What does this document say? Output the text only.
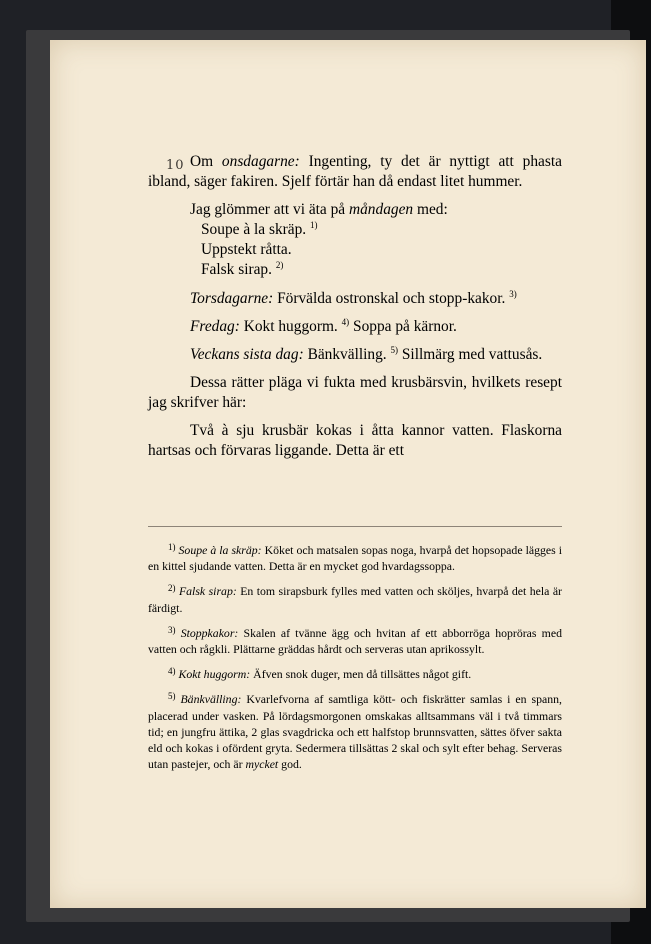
10 Om onsdagarne: Ingenting, ty det är nyttigt att phasta ibland, säger fakiren. Sjelf förtär han då endast litet hummer.

Jag glömmer att vi äta på måndagen med:

Soupe à la skräp. $^{1)}$

Uppstekt råtta.

Falsk sirap. $^{2)}$

Torsdagarne: Förvälda ostronskal och stopp-kakor. $^{3)}$

Fredag: Kokt huggorm. $^{4)}$ Soppa på kärnor.

Veckans sista dag: Bänkvälling. $^{5)}$ Sillmärg med vattusås.

Dessa rätter pläga vi fukta med krusbärsvin, hvilkets resept jag skrifver här:

Två à sju krusbär kokas i åtta kannor vatten. Flaskorna hartsas och förvaras liggande. Detta är ett

$^{1)}$ Soupe à la skräp: Köket och matsalen sopas noga, hvarpå det hopsopade lägges i en kittel sjudande vatten. Detta är en mycket god hvardagssoppa.

$^{2)}$ Falsk sirap: En tom sirapsburk fylles med vatten och sköljes, hvarpå det hela är färdigt.

$^{3)}$ Stoppkakor: Skalen af tvänne ägg och hvitan af ett abborröga hopröras med vatten och rågkli. Plättarne gräddas hårdt och serveras utan aprikossylt.

$^{4)}$ Kokt huggorm: Äfven snok duger, men då tillsättes något gift.

$^{5)}$ Bänkvälling: Kvarlefvorna af samtliga kött- och fiskrätter samlas i en spann, placerad under vasken. På lördagsmorgonen omskakas alltsammans väl i två timmars tid; en jungfru ättika, 2 glas svagdricka och ett halfstop brunnsvatten, sättes öfver sakta eld och kokas i ofördent gryta. Sedermera tillsättas 2 skal och sylt efter behag. Serveras utan pastejer, och är mycket god.
